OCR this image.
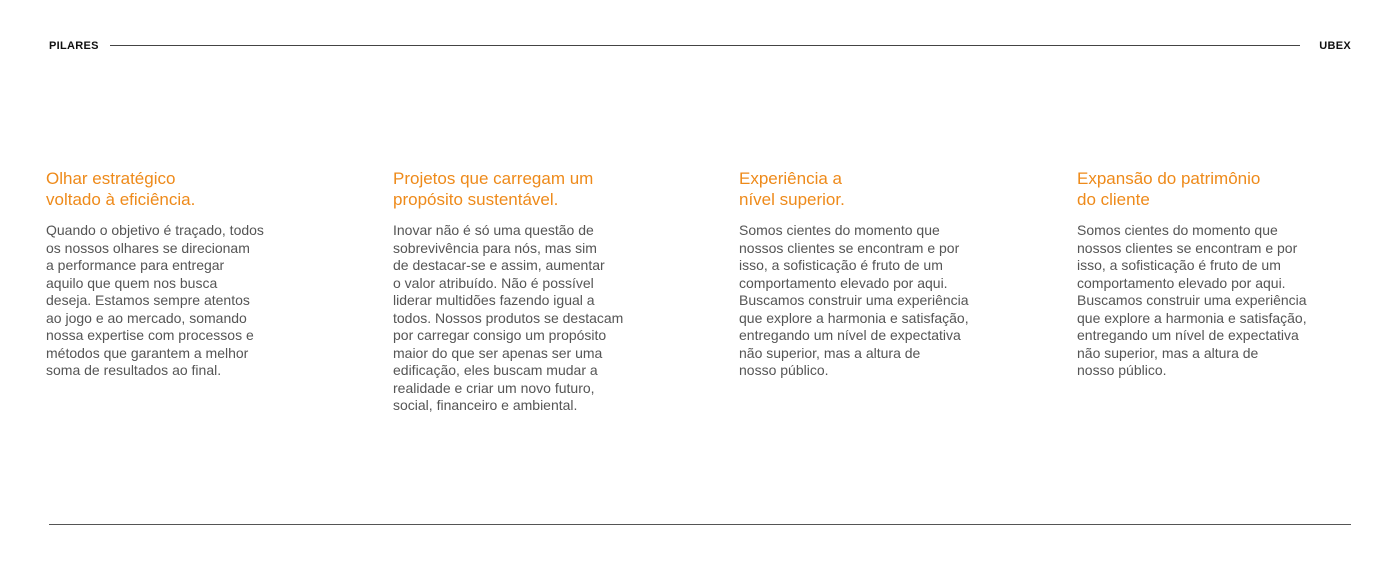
PILARES	UBEX
Olhar estratégico
voltado à eficiência.

Quando o objetivo é traçado, todos
os nossos olhares se direcionam
a performance para entregar
aquilo que quem nos busca
deseja. Estamos sempre atentos
ao jogo e ao mercado, somando
nossa expertise com processos e
métodos que garantem a melhor
soma de resultados ao final.

Projetos que carregam um
propósito sustentável.

Inovar não é só uma questão de
sobrevivência para nós, mas sim
de destacar-se e assim, aumentar
o valor atribuído. Não é possível
liderar multidões fazendo igual a
todos. Nossos produtos se destacam
por carregar consigo um propósito
maior do que ser apenas ser uma
edificação, eles buscam mudar a
realidade e criar um novo futuro,
social, financeiro e ambiental.

Experiência a
nível superior.

Somos cientes do momento que
nossos clientes se encontram e por
isso, a sofisticação é fruto de um
comportamento elevado por aqui.
Buscamos construir uma experiência
que explore a harmonia e satisfação,
entregando um nível de expectativa
não superior, mas a altura de
nosso público.

Expansão do patrimônio
do cliente

Somos cientes do momento que
nossos clientes se encontram e por
isso, a sofisticação é fruto de um
comportamento elevado por aqui.
Buscamos construir uma experiência
que explore a harmonia e satisfação,
entregando um nível de expectativa
não superior, mas a altura de
nosso público.
